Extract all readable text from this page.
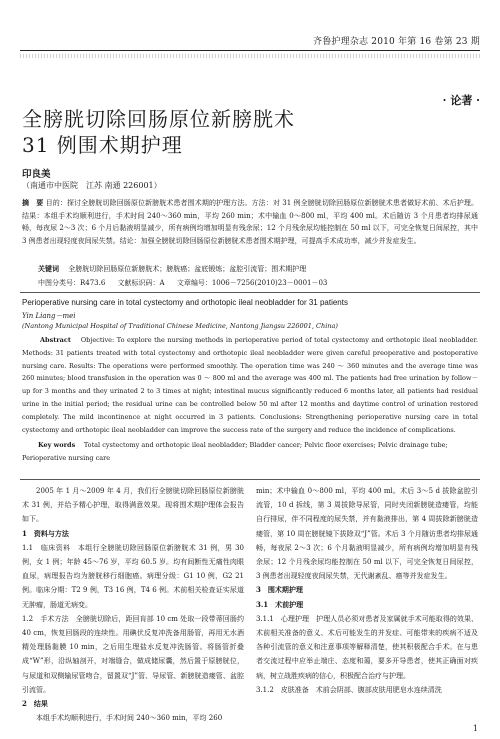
齐鲁护理杂志 2010 年第 16 卷第 23 期
· 论著 ·
全膀胱切除回肠原位新膀胱术
31 例围术期护理
印良美
（南通市中医院　江苏 南通 226001）
摘　要 目的：探讨全膀胱切除回肠原位新膀胱术患者围术期的护理方法。方法：对 31 例全膀胱切除回肠原位新膀胱术患者做好术前、术后护理。结果：本组手术均顺利进行，手术时间 240～360 min，平均 260 min；术中输血 0～800 ml，平均 400 ml。术后随访 3 个月患者均排尿通畅，每夜尿 2～3 次；6 个月后黏液明显减少，所有病例均增加明显有残余尿；12 个月残余尿均能控制在 50 ml 以下，可完全恢复日间尿控，其中 3 例患者出现轻度夜间尿失禁。结论：加强全膀胱切除回肠原位新膀胱术患者围术期护理，可提高手术成功率，减少并发症发生。
关键词　 全膀胱切除回肠原位新膀胱术；膀胱癌；盆底锻炼；盆腔引流管；围术期护理
中图分类号：R473.6 文献标识码：A 文章编号：1006－7256(2010)23－0001－03
Perioperative nursing care in total cystectomy and orthotopic ileal neobladder for 31 patients
Yin Liang－mei
(Nantong Municipal Hospital of Traditional Chinese Medicine, Nantong Jiangsu 226001, China)
Abstract　 Objective: To explore the nursing methods in perioperative period of total cystectomy and orthotopic ileal neobladder. Methods: 31 patients treated with total cystectomy and orthotopic ileal neobladder were given careful preoperative and postoperative nursing care. Results: The operations were performed smoothly. The operation time was 240 ～ 360 minutes and the average time was 260 minutes; blood transfusion in the operation was 0 ～ 800 ml and the average was 400 ml. The patients had free urination by follow－up for 3 months and they urinated 2 to 3 times at night; intestinal mucus significantly reduced 6 months later, all patients had residual urine in the initial period; the residual urine can be controlled below 50 ml after 12 months and daytime control of urination restored completely. The mild incontinence at night occurred in 3 patients. Conclusions: Strengthening perioperative nursing care in total cystectomy and orthotopic ileal neobladder can improve the success rate of the surgery and reduce the incidence of complications.
Key words　 Total cystectomy and orthotopic ileal neobladder; Bladder cancer; Pelvic floor exercises; Pelvic drainage tube; Perioperative nursing care

2005 年 1 月～2009 年 4 月，我们行全膀胱切除回肠原位新膀胱术 31 例，并给予精心护理，取得满意效果。现将围术期护理体会报告如下。

1　资料与方法

1.1　临床资料　本组行全膀胱切除回肠原位新膀胱术 31 例，男 30 例，女 1 例；年龄 45～76 岁，平均 60.5 岁。均有间断性无痛性肉眼血尿，病理报告均为膀胱移行细胞癌。病理分级：G1 10 例，G2 21 例。临床分期：T2 9 例，T3 16 例，T4 6 例。术前相关检查证实尿道无肿瘤，肠道无病变。

1.2　手术方法　全膀胱切除后，距回肓部 10 cm 处取一段带蒂回肠约 40 cm，恢复回肠段的连续性。用碘伏反复冲洗备用肠管，再用无水酒精处理肠黏膜 10 min，之后用生理盐水反复冲洗肠管。将肠管折叠成“W”形，沿纵轴剖开，对端缝合，做成储尿囊，然后置于原膀胱位，与尿道和双侧输尿管吻合，留置双“J”管、导尿管、新膀胱造瘘管、盆腔引流管。

2　结果

本组手术均顺利进行，手术时间 240～360 min，平均 260

min；术中输血 0～800 ml，平均 400 ml。术后 3～5 d 拔除盆腔引流管，10 d 拆线，第 3 周拔除导尿管，同时夹闭新膀胱造瘘管，均能自行排尿，伴不同程度的尿失禁，并有黏液排出，第 4 周拔除新膀胱造瘘管，第 10 周在膀胱镜下拔除双“J”管。术后 3 个月随访患者均排尿通畅，每夜尿 2～3 次；6 个月黏液明显减少，所有病例均增加明显有残余尿；12 个月残余尿均能控制在 50 ml 以下，可完全恢复日间尿控，3 例患者出现轻度夜间尿失禁，无代谢紊乱、癌等并发症发生。

3　围术期护理

3.1　术前护理

3.1.1　心理护理　护理人员必须对患者及家属就手术可能取得的效果、术前相关准备的意义、术后可能发生的并发症、可能带来的疾病不适及各种引流管的意义和注意事项等解释清楚，使其积极配合手术。在与患者交流过程中应举止端庄、态度和蔼，要多开导患者，使其正确面对疾病，树立战胜疾病的信心，积极配合治疗与护理。

3.1.2　皮肤准备　术前会阴部、腹部皮肤用肥皂水连续清洗

1
